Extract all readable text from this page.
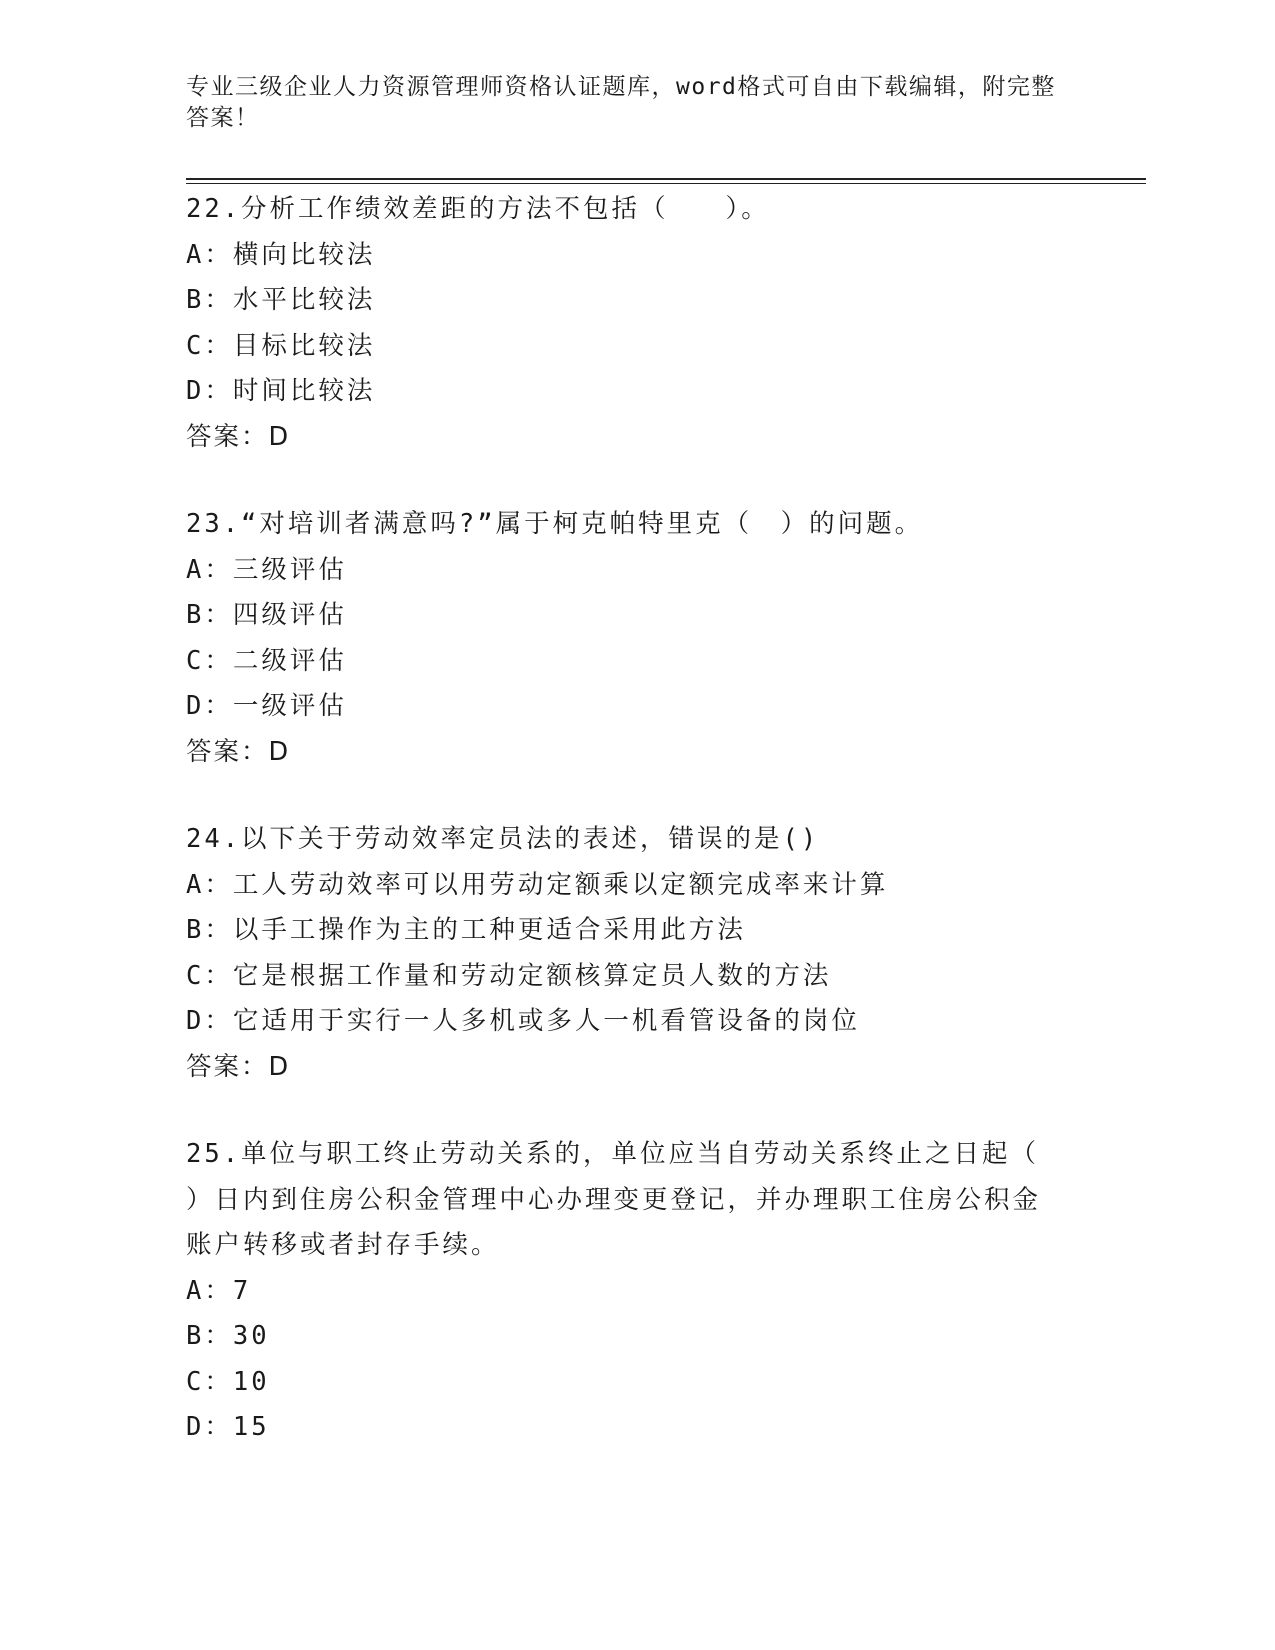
专业三级企业人力资源管理师资格认证题库，word格式可自由下载编辑，附完整
答案！
22.分析工作绩效差距的方法不包括（　　）。
A：横向比较法
B：水平比较法
C：目标比较法
D：时间比较法
答案：D
23.“对培训者满意吗?”属于柯克帕特里克（　）的问题。
A：三级评估
B：四级评估
C：二级评估
D：一级评估
答案：D
24.以下关于劳动效率定员法的表述，错误的是()
A：工人劳动效率可以用劳动定额乘以定额完成率来计算
B：以手工操作为主的工种更适合采用此方法
C：它是根据工作量和劳动定额核算定员人数的方法
D：它适用于实行一人多机或多人一机看管设备的岗位
答案：D
25.单位与职工终止劳动关系的，单位应当自劳动关系终止之日起（
）日内到住房公积金管理中心办理变更登记，并办理职工住房公积金
账户转移或者封存手续。
A：7
B：30
C：10
D：15
